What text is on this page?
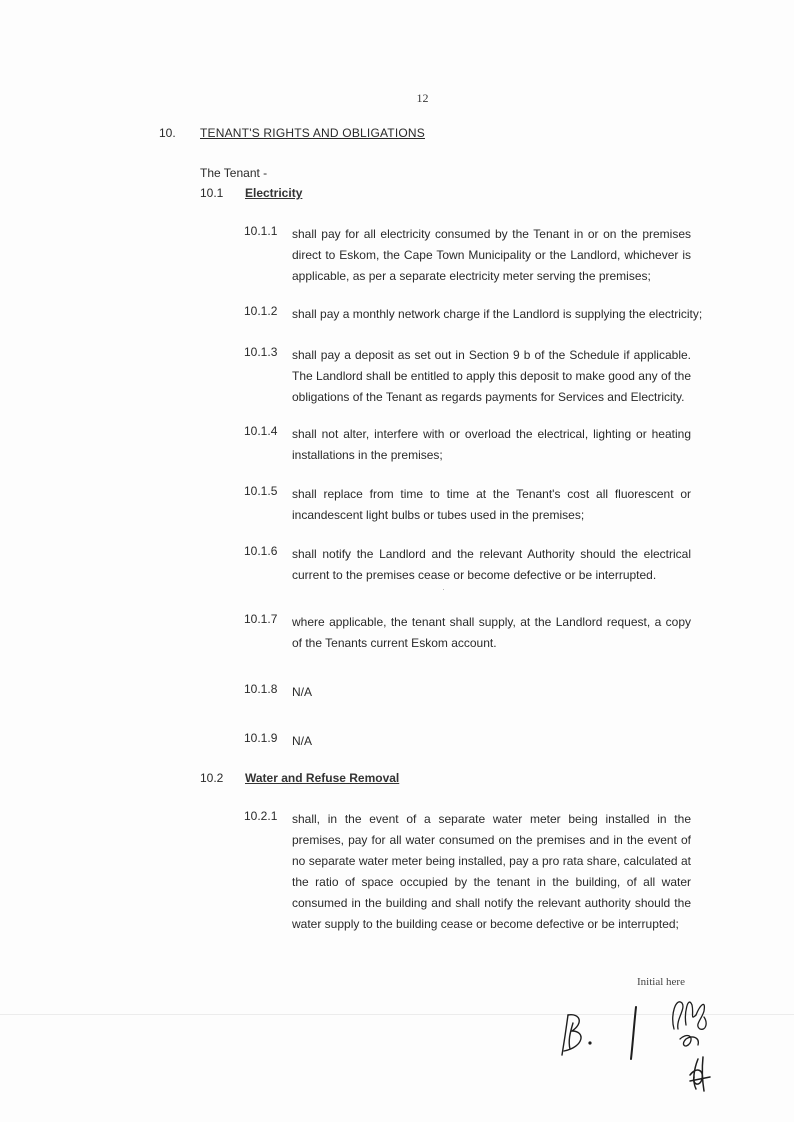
12
10. TENANT'S RIGHTS AND OBLIGATIONS
The Tenant -
10.1 Electricity
10.1.1	shall pay for all electricity consumed by the Tenant in or on the premises direct to Eskom, the Cape Town Municipality or the Landlord, whichever is applicable, as per a separate electricity meter serving the premises;
10.1.2	shall pay a monthly network charge if the Landlord is supplying the electricity;
10.1.3	shall pay a deposit as set out in Section 9 b of the Schedule if applicable. The Landlord shall be entitled to apply this deposit to make good any of the obligations of the Tenant as regards payments for Services and Electricity.
10.1.4	shall not alter, interfere with or overload the electrical, lighting or heating installations in the premises;
10.1.5	shall replace from time to time at the Tenant's cost all fluorescent or incandescent light bulbs or tubes used in the premises;
10.1.6	shall notify the Landlord and the relevant Authority should the electrical current to the premises cease or become defective or be interrupted.
10.1.7	where applicable, the tenant shall supply, at the Landlord request, a copy of the Tenants current Eskom account.
10.1.8	N/A
10.1.9	N/A
10.2 Water and Refuse Removal
10.2.1	shall, in the event of a separate water meter being installed in the premises, pay for all water consumed on the premises and in the event of no separate water meter being installed, pay a pro rata share, calculated at the ratio of space occupied by the tenant in the building, of all water consumed in the building and shall notify the relevant authority should the water supply to the building cease or become defective or be interrupted;
Initial here
